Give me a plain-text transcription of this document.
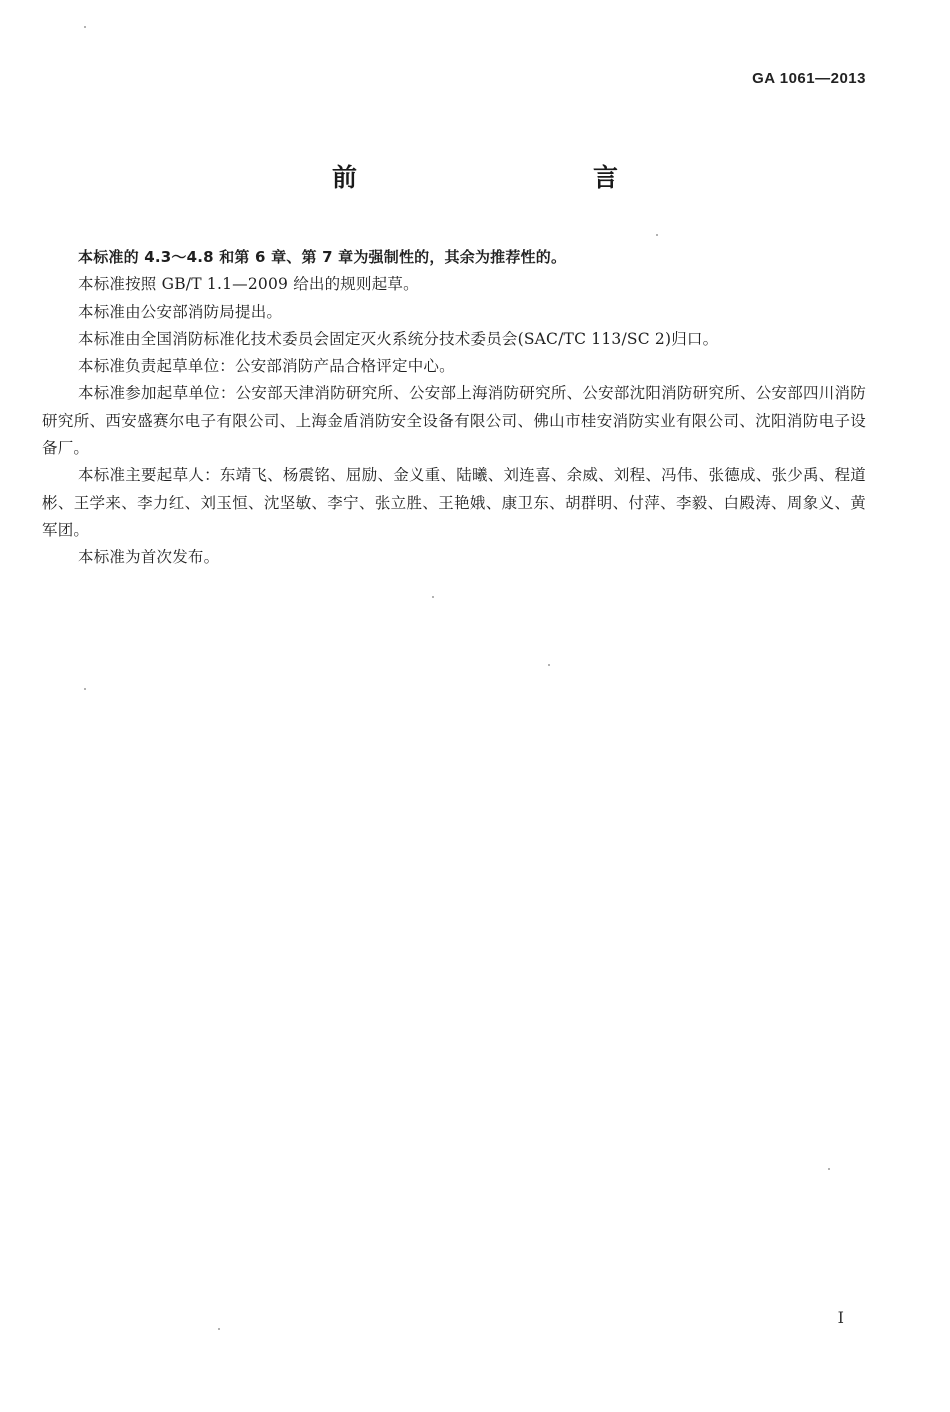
GA 1061—2013
前　　言

本标准的 4.3～4.8 和第 6 章、第 7 章为强制性的，其余为推荐性的。

本标准按照 GB/T 1.1—2009 给出的规则起草。

本标准由公安部消防局提出。

本标准由全国消防标准化技术委员会固定灭火系统分技术委员会(SAC/TC 113/SC 2)归口。

本标准负责起草单位：公安部消防产品合格评定中心。

本标准参加起草单位：公安部天津消防研究所、公安部上海消防研究所、公安部沈阳消防研究所、公安部四川消防研究所、西安盛赛尔电子有限公司、上海金盾消防安全设备有限公司、佛山市桂安消防实业有限公司、沈阳消防电子设备厂。

本标准主要起草人：东靖飞、杨震铭、屈励、金义重、陆曦、刘连喜、余威、刘程、冯伟、张德成、张少禹、程道彬、王学来、李力红、刘玉恒、沈坚敏、李宁、张立胜、王艳娥、康卫东、胡群明、付萍、李毅、白殿涛、周象义、黄军团。

本标准为首次发布。

I
